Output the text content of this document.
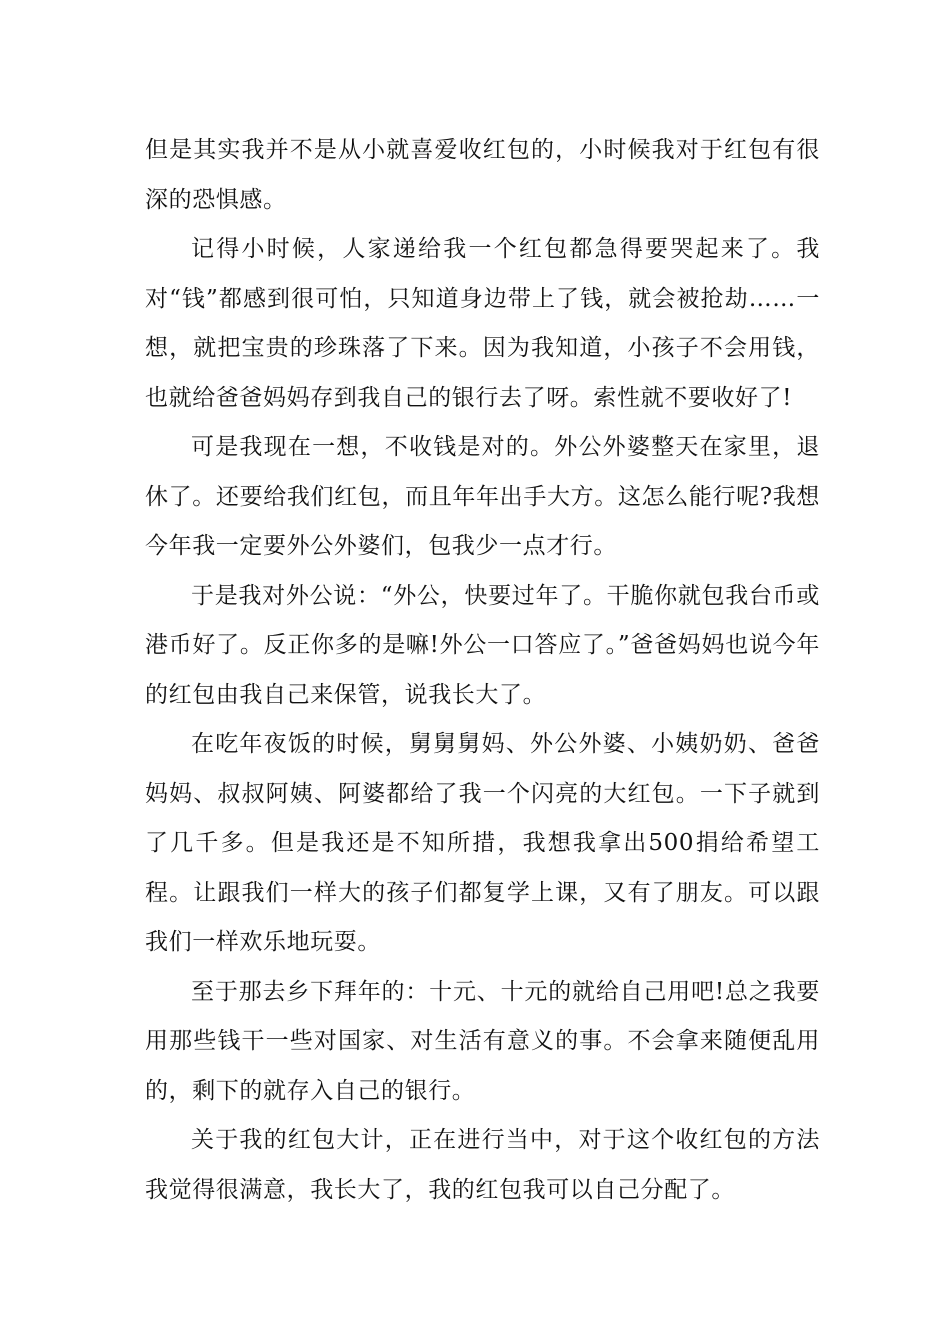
但是其实我并不是从小就喜爱收红包的，小时候我对于红包有很深的恐惧感。

记得小时候，人家递给我一个红包都急得要哭起来了。我对“钱”都感到很可怕，只知道身边带上了钱，就会被抢劫……一想，就把宝贵的珍珠落了下来。因为我知道，小孩子不会用钱，也就给爸爸妈妈存到我自己的银行去了呀。索性就不要收好了!

可是我现在一想，不收钱是对的。外公外婆整天在家里，退休了。还要给我们红包，而且年年出手大方。这怎么能行呢?我想今年我一定要外公外婆们，包我少一点才行。

于是我对外公说：“外公，快要过年了。干脆你就包我台币或港币好了。反正你多的是嘛!外公一口答应了。”爸爸妈妈也说今年的红包由我自己来保管，说我长大了。

在吃年夜饭的时候，舅舅舅妈、外公外婆、小姨奶奶、爸爸妈妈、叔叔阿姨、阿婆都给了我一个闪亮的大红包。一下子就到了几千多。但是我还是不知所措，我想我拿出500捐给希望工程。让跟我们一样大的孩子们都复学上课，又有了朋友。可以跟我们一样欢乐地玩耍。

至于那去乡下拜年的：十元、十元的就给自己用吧!总之我要用那些钱干一些对国家、对生活有意义的事。不会拿来随便乱用的，剩下的就存入自己的银行。

关于我的红包大计，正在进行当中，对于这个收红包的方法我觉得很满意，我长大了，我的红包我可以自己分配了。
